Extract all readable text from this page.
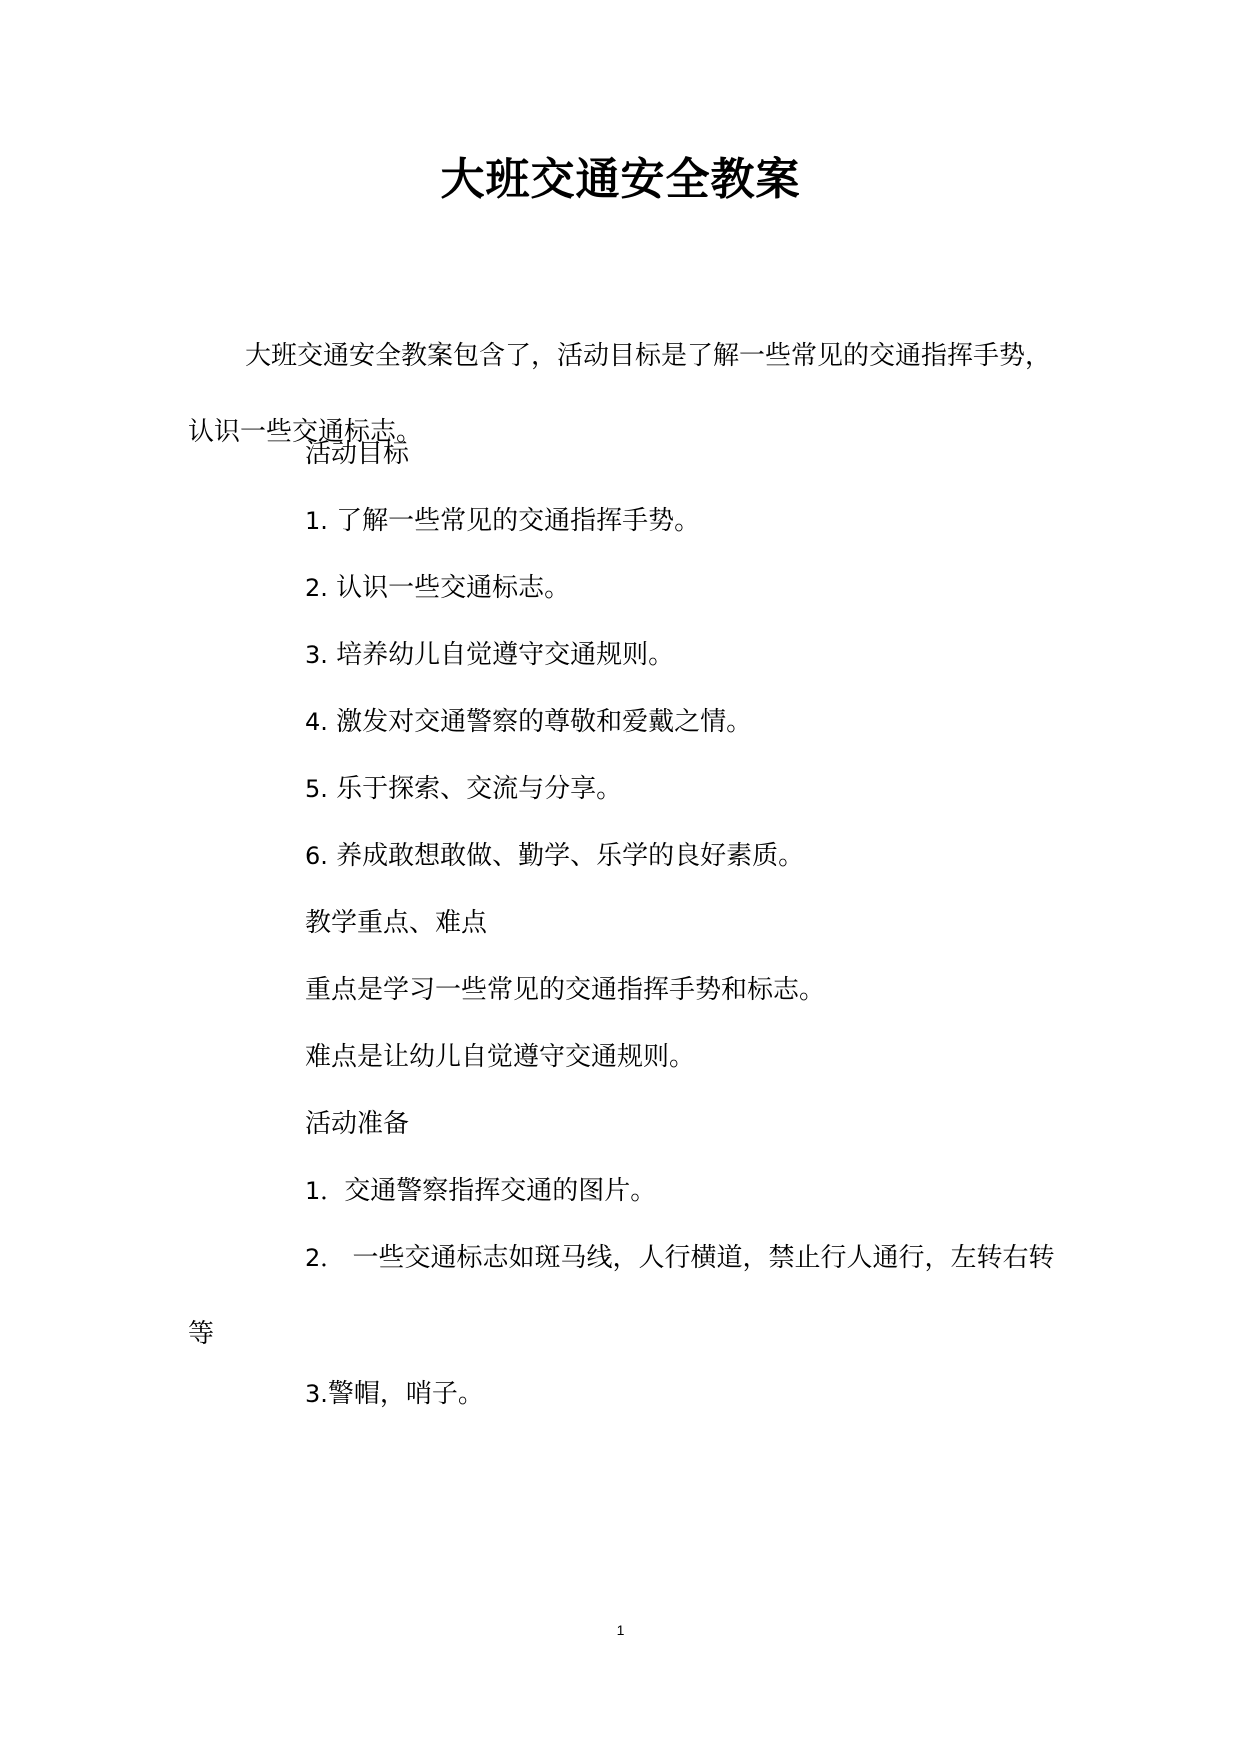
大班交通安全教案

大班交通安全教案包含了，活动目标是了解一些常见的交通指挥手势，认识一些交通标志。

活动目标

1. 了解一些常见的交通指挥手势。

2. 认识一些交通标志。

3. 培养幼儿自觉遵守交通规则。

4. 激发对交通警察的尊敬和爱戴之情。

5. 乐于探索、交流与分享。

6. 养成敢想敢做、勤学、乐学的良好素质。

教学重点、难点

重点是学习一些常见的交通指挥手势和标志。

难点是让幼儿自觉遵守交通规则。

活动准备

1．交通警察指挥交通的图片。

2． 一些交通标志如斑马线，人行横道，禁止行人通行，左转右转等

3.警帽，哨子。

1
